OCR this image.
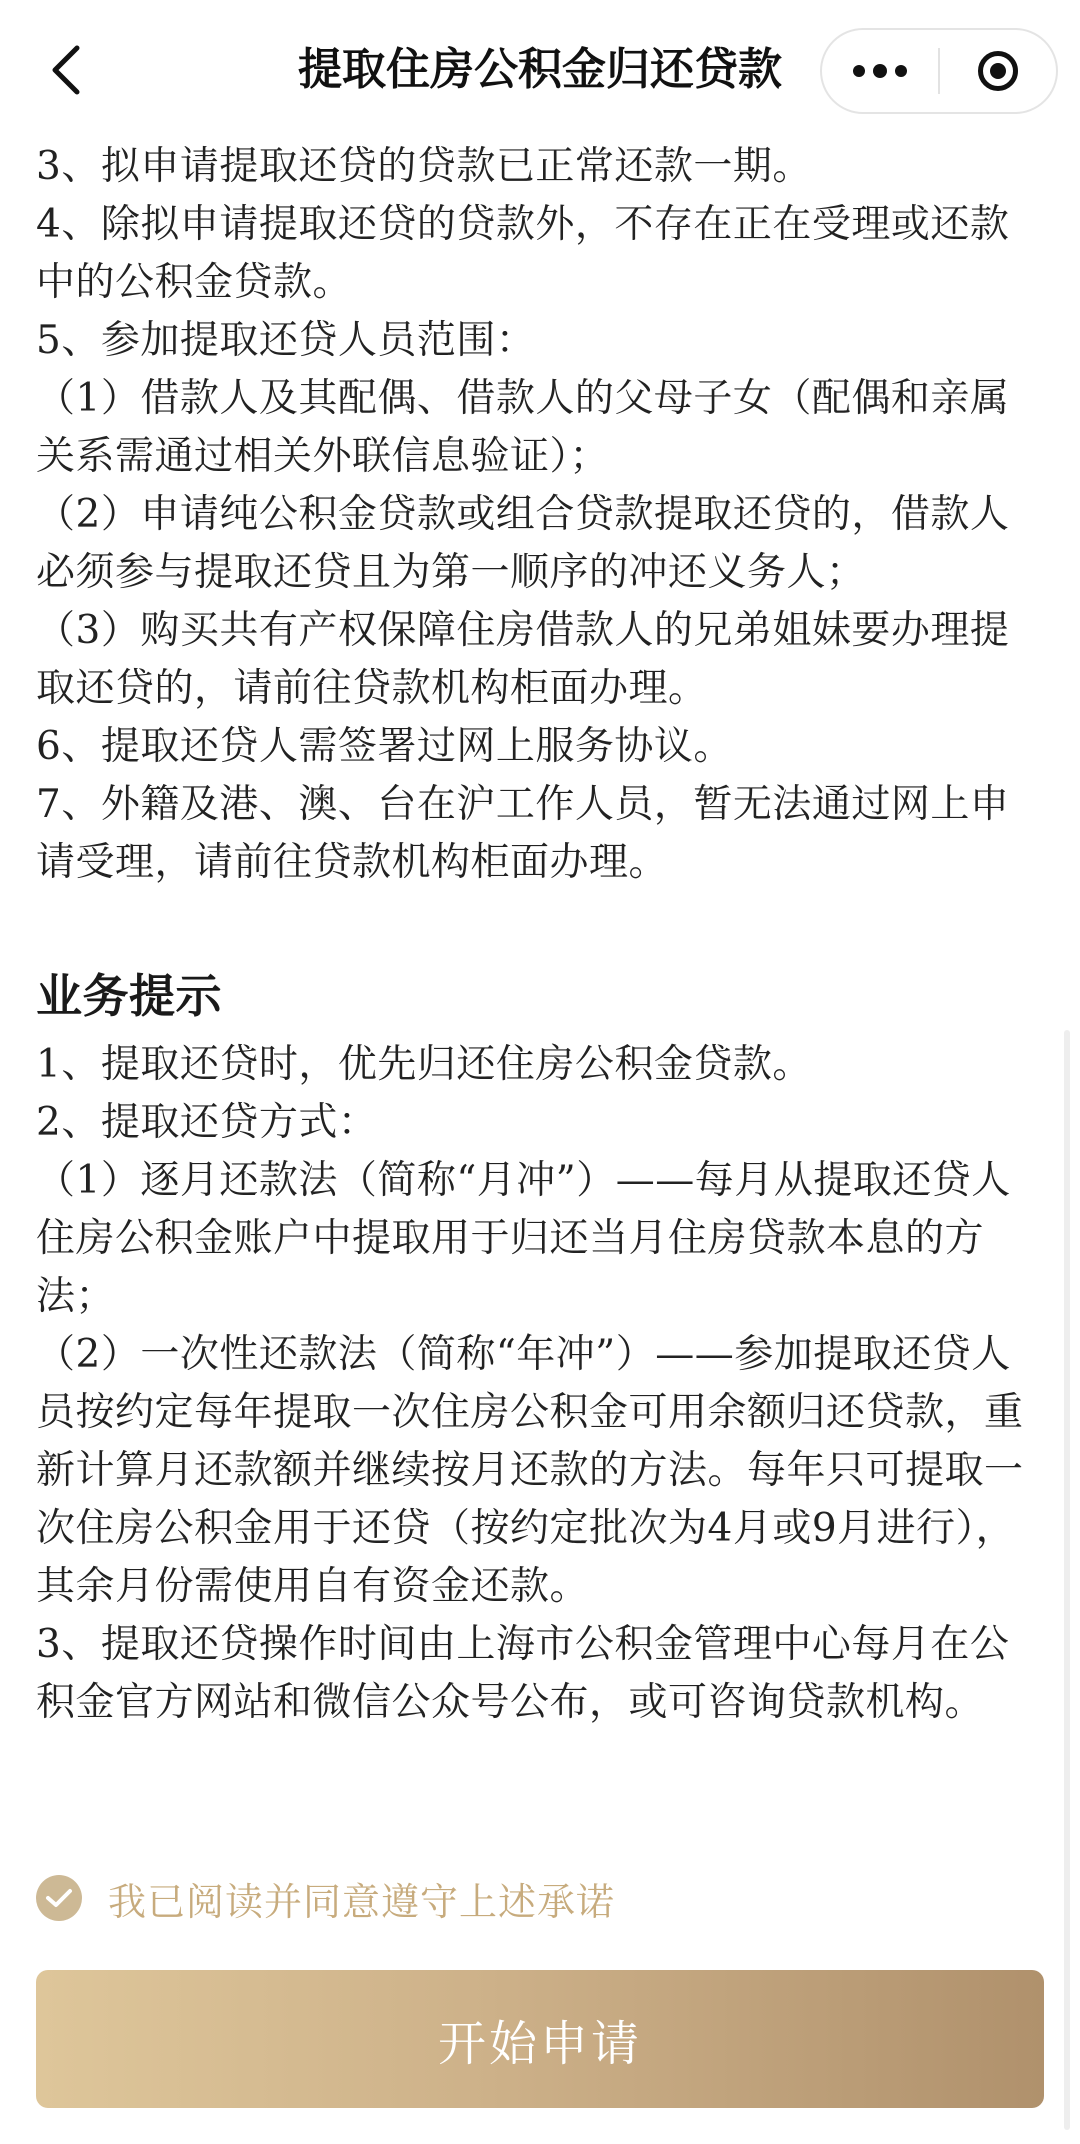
提取住房公积金归还贷款

3、拟申请提取还贷的贷款已正常还款一期。

4、除拟申请提取还贷的贷款外，不存在正在受理或还款中的公积金贷款。

5、参加提取还贷人员范围：

（1）借款人及其配偶、借款人的父母子女（配偶和亲属关系需通过相关外联信息验证）；

（2）申请纯公积金贷款或组合贷款提取还贷的，借款人必须参与提取还贷且为第一顺序的冲还义务人；

（3）购买共有产权保障住房借款人的兄弟姐妹要办理提取还贷的，请前往贷款机构柜面办理。

6、提取还贷人需签署过网上服务协议。

7、外籍及港、澳、台在沪工作人员，暂无法通过网上申请受理，请前往贷款机构柜面办理。

业务提示

1、提取还贷时，优先归还住房公积金贷款。

2、提取还贷方式：

（1）逐月还款法（简称“月冲”）——每月从提取还贷人住房公积金账户中提取用于归还当月住房贷款本息的方法；

（2）一次性还款法（简称“年冲”）——参加提取还贷人员按约定每年提取一次住房公积金可用余额归还贷款，重新计算月还款额并继续按月还款的方法。每年只可提取一次住房公积金用于还贷（按约定批次为4月或9月进行），其余月份需使用自有资金还款。

3、提取还贷操作时间由上海市公积金管理中心每月在公积金官方网站和微信公众号公布，或可咨询贷款机构。

我已阅读并同意遵守上述承诺
开始申请
